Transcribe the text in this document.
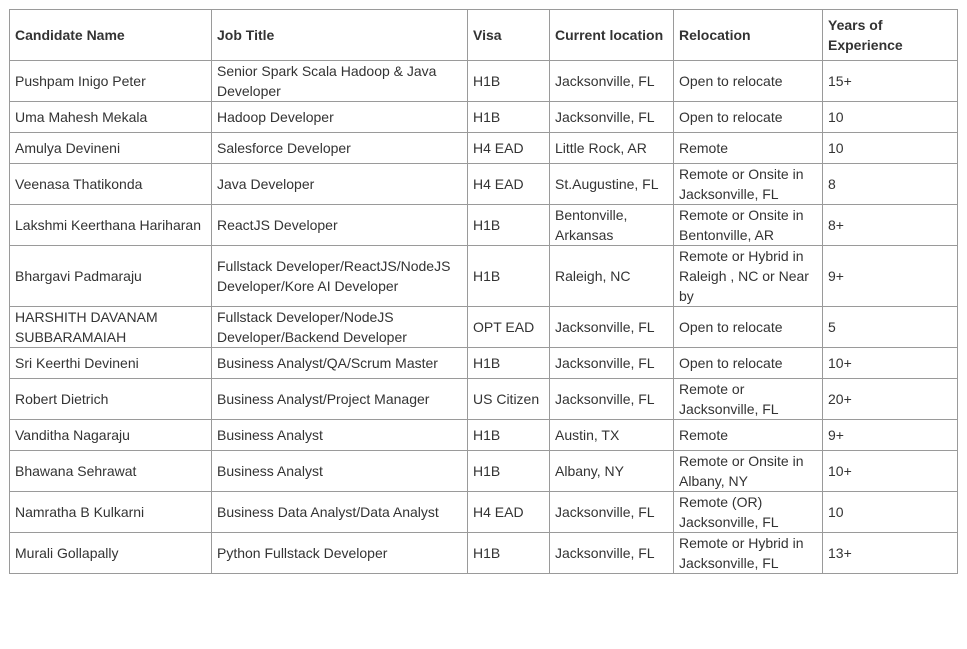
Candidate Name	Job Title	Visa	Current location	Relocation	Years of Experience
Pushpam Inigo Peter	Senior Spark Scala Hadoop & Java Developer	H1B	Jacksonville, FL	Open to relocate	15+
Uma Mahesh Mekala	Hadoop Developer	H1B	Jacksonville, FL	Open to relocate	10
Amulya Devineni	Salesforce Developer	H4 EAD	Little Rock, AR	Remote	10
Veenasa Thatikonda	Java Developer	H4 EAD	St.Augustine, FL	Remote or Onsite in Jacksonville, FL	8
Lakshmi Keerthana Hariharan	ReactJS Developer	H1B	Bentonville, Arkansas	Remote or Onsite in Bentonville, AR	8+
Bhargavi Padmaraju	Fullstack Developer/ReactJS/NodeJS Developer/Kore AI Developer	H1B	Raleigh, NC	Remote or Hybrid in Raleigh , NC or Near by	9+
HARSHITH DAVANAM SUBBARAMAIAH	Fullstack Developer/NodeJS Developer/Backend Developer	OPT EAD	Jacksonville, FL	Open to relocate	5
Sri Keerthi Devineni	Business Analyst/QA/Scrum Master	H1B	Jacksonville, FL	Open to relocate	10+
Robert Dietrich	Business Analyst/Project Manager	US Citizen	Jacksonville, FL	Remote or Jacksonville, FL	20+
Vanditha Nagaraju	Business Analyst	H1B	Austin, TX	Remote	9+
Bhawana Sehrawat	Business Analyst	H1B	Albany, NY	Remote or Onsite in Albany, NY	10+
Namratha B Kulkarni	Business Data Analyst/Data Analyst	H4 EAD	Jacksonville, FL	Remote (OR) Jacksonville, FL	10
Murali Gollapally	Python Fullstack Developer	H1B	Jacksonville, FL	Remote or Hybrid in Jacksonville, FL	13+
